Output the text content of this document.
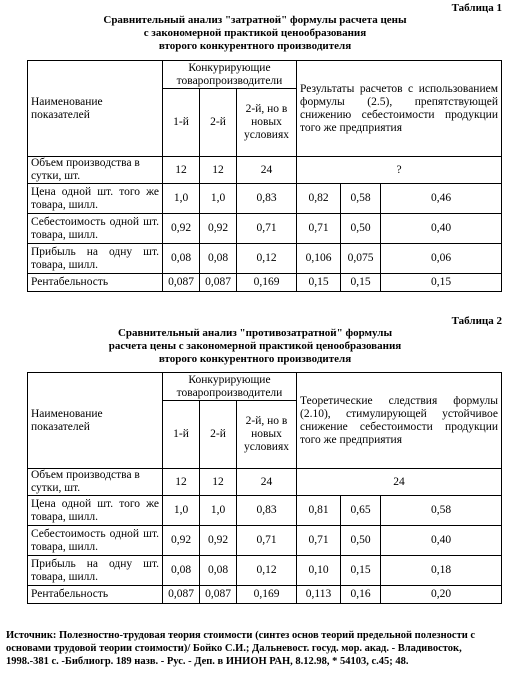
Таблица 1
Сравнительный анализ "затратной" формулы расчета цены
с закономерной практикой ценообразования
второго конкурентного производителя
Наименование показателей	Конкурирующие товаропроизводители			Результаты расчетов с использованием формулы (2.5), препятствующей снижению себестоимости продукции того же предприятия		
	1-й	2-й	2-й, но в новых условиях			
Объем производства в сутки, шт.	12	12	24	?		
Цена одной шт. того же товара, шилл.	1,0	1,0	0,83	0,82	0,58	0,46
Себестоимость одной шт. товара, шилл.	0,92	0,92	0,71	0,71	0,50	0,40
Прибыль на одну шт. товара, шилл.	0,08	0,08	0,12	0,106	0,075	0,06
Рентабельность	0,087	0,087	0,169	0,15	0,15	0,15
Таблица 2
Сравнительный анализ "противозатратной" формулы
расчета цены с закономерной практикой ценообразования
второго конкурентного производителя
Наименование показателей	Конкурирующие товаропроизводители			Теоретические следствия формулы (2.10), стимулирующей устойчивое снижение себестоимости продукции того же предприятия		
	1-й	2-й	2-й, но в новых условиях			
Объем производства в сутки, шт.	12	12	24	24		
Цена одной шт. того же товара, шилл.	1,0	1,0	0,83	0,81	0,65	0,58
Себестоимость одной шт. товара, шилл.	0,92	0,92	0,71	0,71	0,50	0,40
Прибыль на одну шт. товара, шилл.	0,08	0,08	0,12	0,10	0,15	0,18
Рентабельность	0,087	0,087	0,169	0,113	0,16	0,20
Источник: Полезностно-трудовая теория стоимости (синтез основ теорий предельной полезности с основами трудовой теории стоимости)/ Бойко С.И.; Дальневост. госуд. мор. акад. - Владивосток, 1998.-381 с. -Библиогр. 189 назв. - Рус. - Деп. в ИНИОН РАН, 8.12.98, * 54103, с.45; 48.
